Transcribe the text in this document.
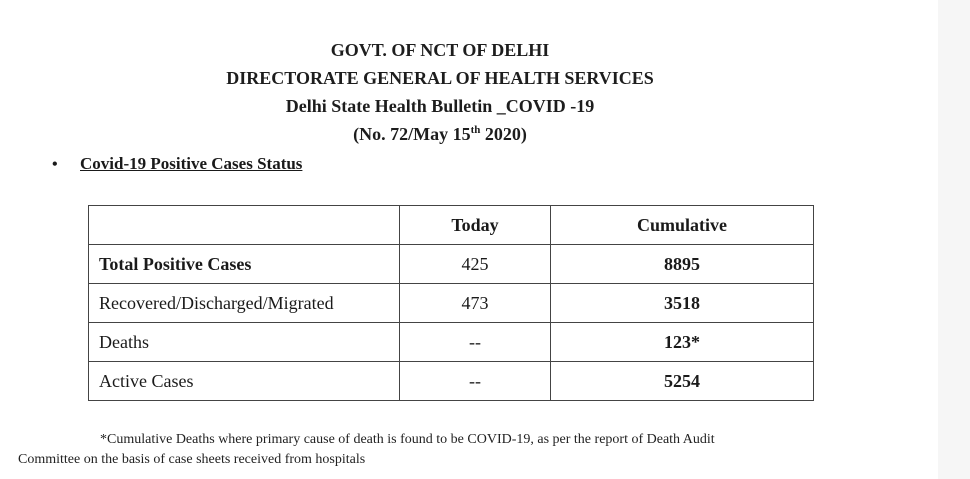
GOVT. OF NCT OF DELHI
DIRECTORATE GENERAL OF HEALTH SERVICES
Delhi State Health Bulletin _COVID -19
(No. 72/May 15th 2020)
• Covid-19 Positive Cases Status
	Today	Cumulative
Total Positive Cases	425	8895
Recovered/Discharged/Migrated	473	3518
Deaths	--	123*
Active Cases	--	5254
*Cumulative Deaths where primary cause of death is found to be COVID-19, as per the report of Death Audit
Committee on the basis of case sheets received from hospitals
